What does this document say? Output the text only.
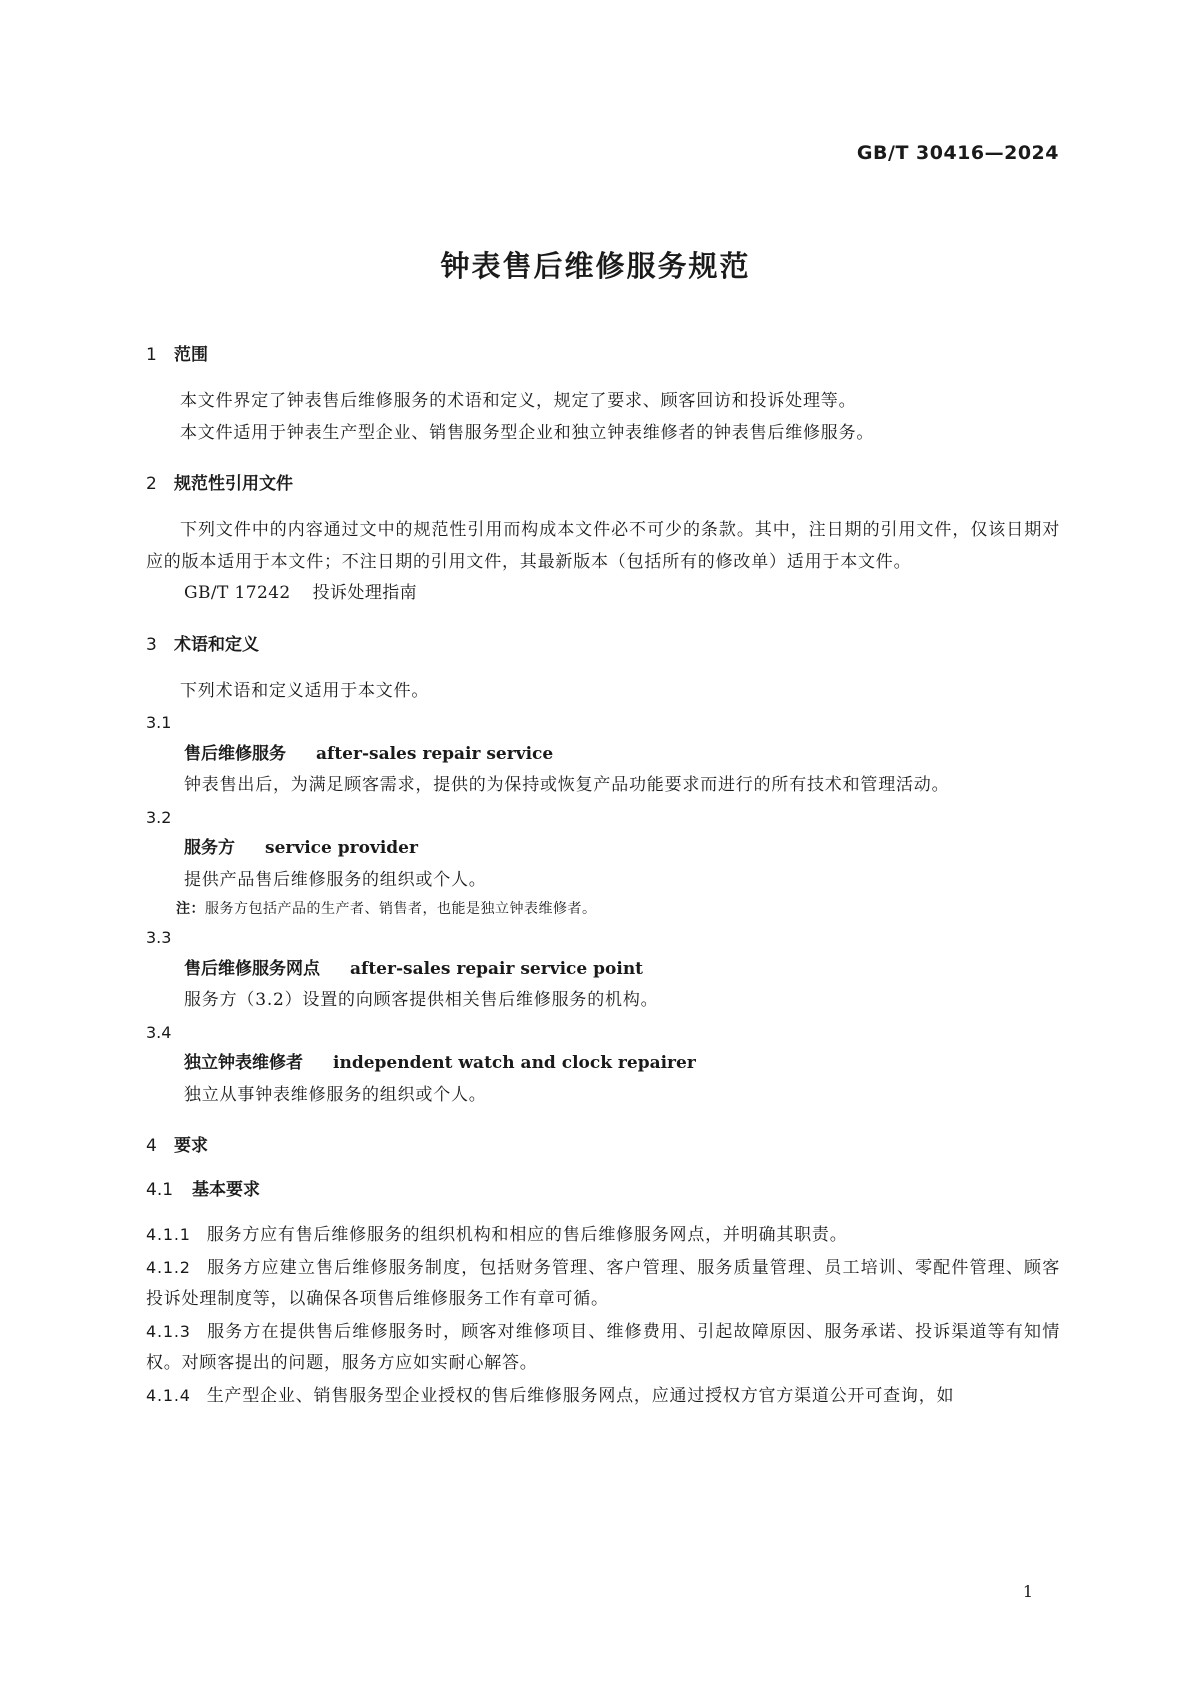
GB/T 30416—2024
钟表售后维修服务规范
1 范围
本文件界定了钟表售后维修服务的术语和定义，规定了要求、顾客回访和投诉处理等。
本文件适用于钟表生产型企业、销售服务型企业和独立钟表维修者的钟表售后维修服务。
2 规范性引用文件
下列文件中的内容通过文中的规范性引用而构成本文件必不可少的条款。其中，注日期的引用文件，仅该日期对应的版本适用于本文件；不注日期的引用文件，其最新版本（包括所有的修改单）适用于本文件。
GB/T 17242 投诉处理指南
3 术语和定义
下列术语和定义适用于本文件。
3.1
售后维修服务 after-sales repair service
钟表售出后，为满足顾客需求，提供的为保持或恢复产品功能要求而进行的所有技术和管理活动。
3.2
服务方 service provider
提供产品售后维修服务的组织或个人。
注：服务方包括产品的生产者、销售者，也能是独立钟表维修者。
3.3
售后维修服务网点 after-sales repair service point
服务方（3.2）设置的向顾客提供相关售后维修服务的机构。
3.4
独立钟表维修者 independent watch and clock repairer
独立从事钟表维修服务的组织或个人。
4 要求
4.1 基本要求
4.1.1 服务方应有售后维修服务的组织机构和相应的售后维修服务网点，并明确其职责。
4.1.2 服务方应建立售后维修服务制度，包括财务管理、客户管理、服务质量管理、员工培训、零配件管理、顾客投诉处理制度等，以确保各项售后维修服务工作有章可循。
4.1.3 服务方在提供售后维修服务时，顾客对维修项目、维修费用、引起故障原因、服务承诺、投诉渠道等有知情权。对顾客提出的问题，服务方应如实耐心解答。
4.1.4 生产型企业、销售服务型企业授权的售后维修服务网点，应通过授权方官方渠道公开可查询，如
1
